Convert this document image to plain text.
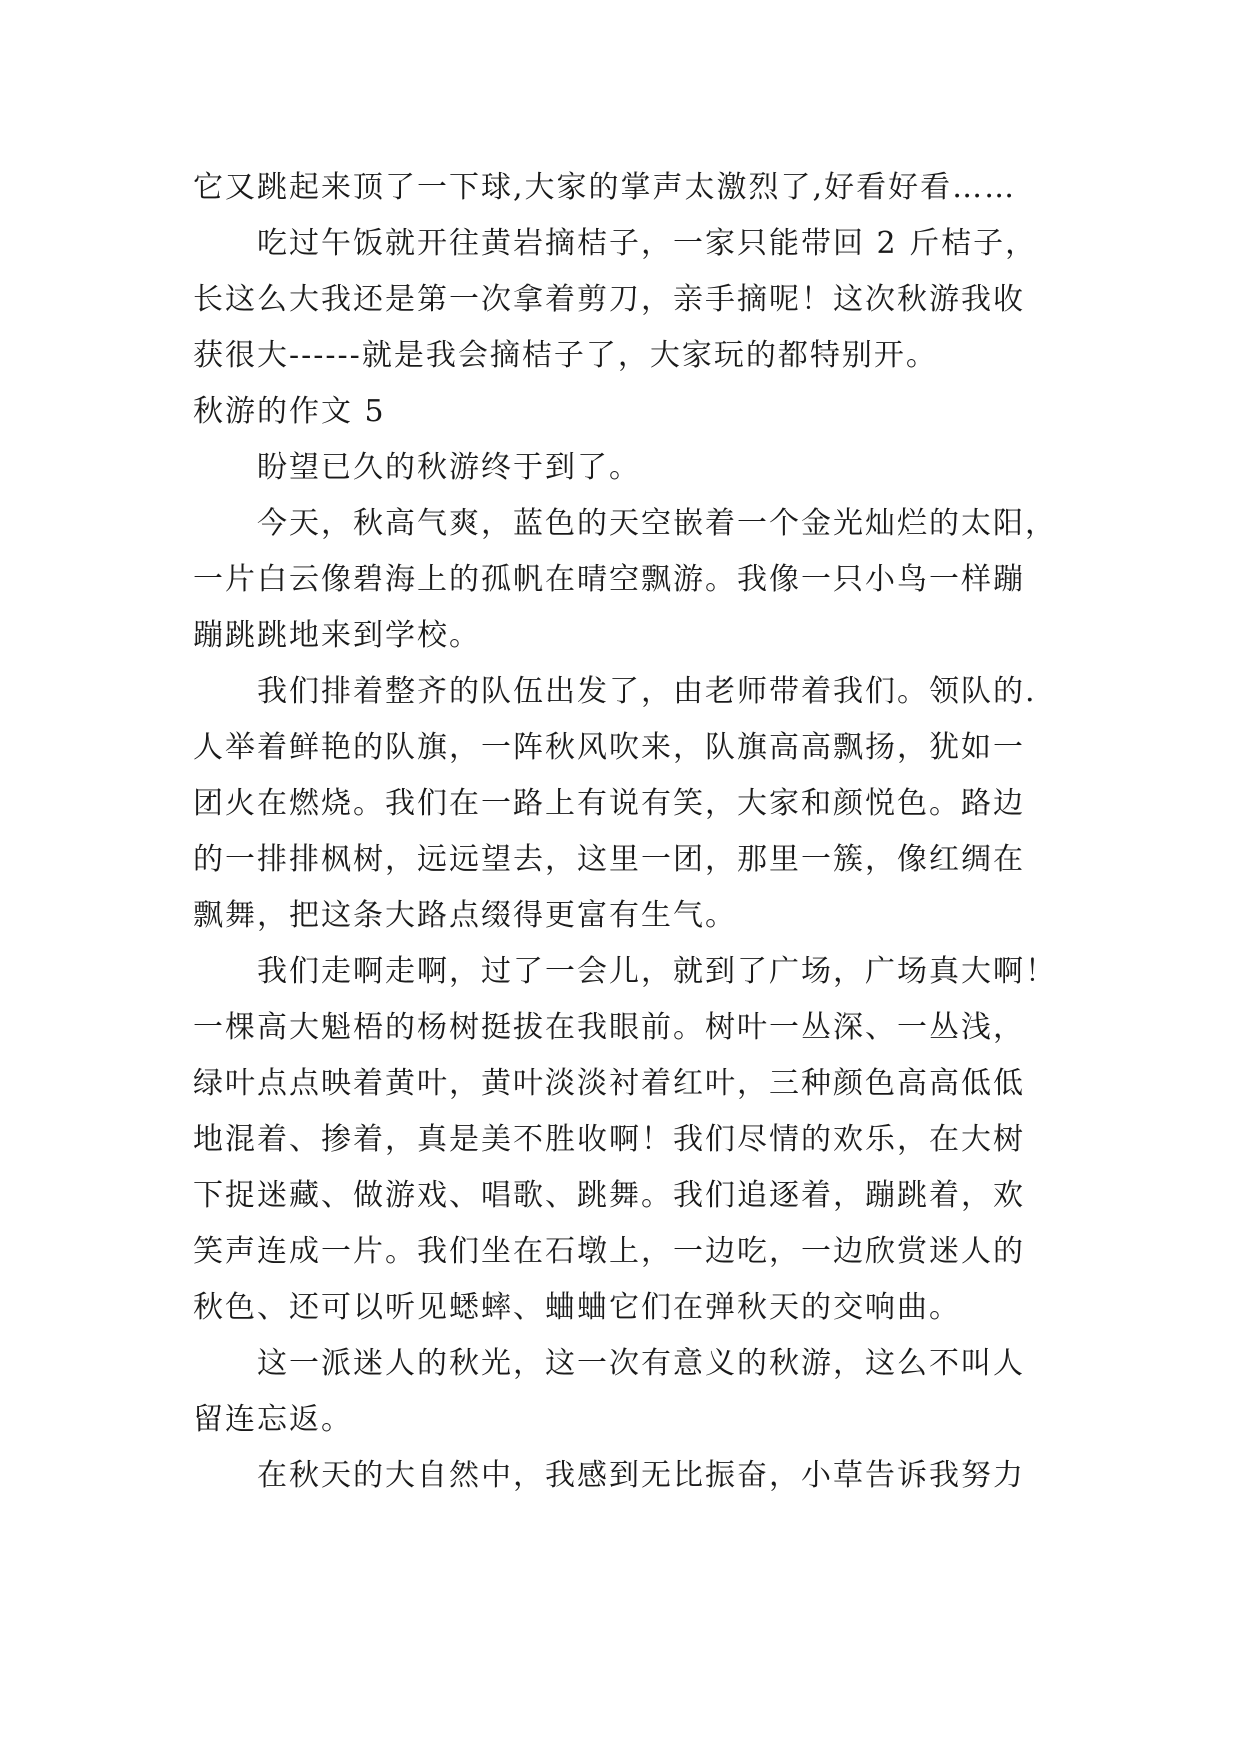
它又跳起来顶了一下球,大家的掌声太激烈了,好看好看……
吃过午饭就开往黄岩摘桔子，一家只能带回 2 斤桔子，
长这么大我还是第一次拿着剪刀，亲手摘呢！这次秋游我收
获很大------就是我会摘桔子了，大家玩的都特别开。
秋游的作文 5
盼望已久的秋游终于到了。
今天，秋高气爽，蓝色的天空嵌着一个金光灿烂的太阳，
一片白云像碧海上的孤帆在晴空飘游。我像一只小鸟一样蹦
蹦跳跳地来到学校。
我们排着整齐的队伍出发了，由老师带着我们。领队的.
人举着鲜艳的队旗，一阵秋风吹来，队旗高高飘扬，犹如一
团火在燃烧。我们在一路上有说有笑，大家和颜悦色。路边
的一排排枫树，远远望去，这里一团，那里一簇，像红绸在
飘舞，把这条大路点缀得更富有生气。
我们走啊走啊，过了一会儿，就到了广场，广场真大啊！
一棵高大魁梧的杨树挺拔在我眼前。树叶一丛深、一丛浅，
绿叶点点映着黄叶，黄叶淡淡衬着红叶，三种颜色高高低低
地混着、掺着，真是美不胜收啊！我们尽情的欢乐，在大树
下捉迷藏、做游戏、唱歌、跳舞。我们追逐着，蹦跳着，欢
笑声连成一片。我们坐在石墩上，一边吃，一边欣赏迷人的
秋色、还可以听见蟋蟀、蛐蛐它们在弹秋天的交响曲。
这一派迷人的秋光，这一次有意义的秋游，这么不叫人
留连忘返。
在秋天的大自然中，我感到无比振奋，小草告诉我努力
